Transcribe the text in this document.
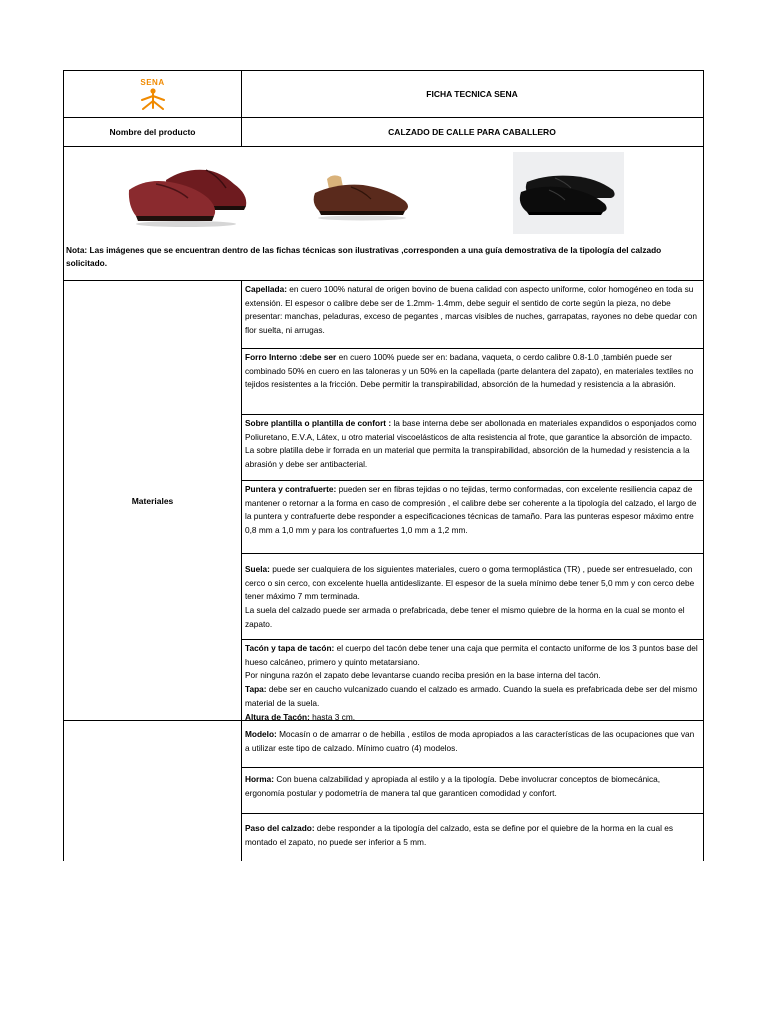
SENA
FICHA TECNICA SENA
Nombre del producto	CALZADO DE CALLE PARA CABALLERO
Nota: Las imágenes que se encuentran dentro de las fichas técnicas son ilustrativas ,corresponden a una guía demostrativa de la tipología del calzado solicitado.
Materiales
Capellada: en cuero 100% natural de origen bovino de buena calidad con aspecto uniforme, color homogéneo en toda su extensión. El espesor o calibre debe ser de 1.2mm- 1.4mm, debe seguir el sentido de corte según la pieza, no debe presentar: manchas, peladuras, exceso de pegantes , marcas visibles de nuches, garrapatas, rayones no debe quedar con flor suelta, ni arrugas.
Forro Interno :debe ser en cuero 100% puede ser en: badana, vaqueta, o cerdo calibre 0.8-1.0 ,también puede ser combinado 50% en cuero en las taloneras y un 50% en la capellada (parte delantera del zapato), en materiales textiles no tejidos resistentes a la fricción. Debe permitir la transpirabilidad, absorción de la humedad y resistencia a la abrasión.
Sobre plantilla o plantilla de confort : la base interna debe ser abollonada en materiales expandidos o esponjados como Poliuretano, E.V.A, Látex, u otro material viscoelásticos de alta resistencia al frote, que garantice la absorción de impacto. La sobre platilla debe ir forrada en un material que permita la transpirabilidad, absorción de la humedad y resistencia a la abrasión y debe ser antibacterial.
Puntera y contrafuerte: pueden ser en fibras tejidas o no tejidas, termo conformadas, con excelente resiliencia capaz de mantener o retornar a la forma en caso de compresión , el calibre debe ser coherente a la tipología del calzado, el largo de la puntera y contrafuerte debe responder a especificaciones técnicas de tamaño. Para las punteras espesor máximo entre 0,8 mm a 1,0 mm y para los contrafuertes 1,0 mm a 1,2 mm.
Suela: puede ser cualquiera de los siguientes materiales, cuero o goma termoplástica (TR) , puede ser entresuelado, con cerco o sin cerco, con excelente huella antideslizante. El espesor de la suela mínimo debe tener 5,0 mm y con cerco debe tener máximo 7 mm terminada.
La suela del calzado puede ser armada o prefabricada, debe tener el mismo quiebre de la horma en la cual se monto el zapato.
Tacón y tapa de tacón: el cuerpo del tacón debe tener una caja que permita el contacto uniforme de los 3 puntos base del hueso calcáneo, primero y quinto metatarsiano.
Por ninguna razón el zapato debe levantarse cuando reciba presión en la base interna del tacón.
Tapa: debe ser en caucho vulcanizado cuando el calzado es armado. Cuando la suela es prefabricada debe ser del mismo material de la suela.
Altura de Tacón: hasta 3 cm.
Modelo: Mocasín o de amarrar o de hebilla , estilos de moda apropiados a las características de las ocupaciones que van a utilizar este tipo de calzado. Mínimo cuatro (4) modelos.
Horma: Con buena calzabilidad y apropiada al estilo y a la tipología. Debe involucrar conceptos de biomecánica, ergonomía postular y podometría de manera tal que garanticen comodidad y confort.
Paso del calzado: debe responder a la tipología del calzado, esta se define por el quiebre de la horma en la cual es montado el zapato, no puede ser inferior a 5 mm.
